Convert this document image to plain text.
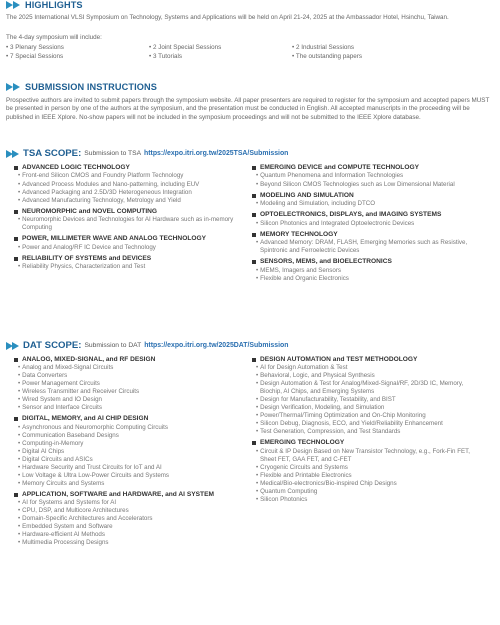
HIGHLIGHTS
The 2025 International VLSI Symposium on Technology, Systems and Applications will be held on April 21-24, 2025 at the Ambassador Hotel, Hsinchu, Taiwan.
The 4-day symposium will include:
• 3 Plenary Sessions	• 2 Joint Special Sessions	• 2 Industrial Sessions
• 7 Special Sessions	• 3 Tutorials	• The outstanding papers
SUBMISSION INSTRUCTIONS
Prospective authors are invited to submit papers through the symposium website. All paper presenters are required to register for the symposium and accepted papers MUST be presented in person by one of the authors at the symposium, and the presentation must be conducted in English. All accepted manuscripts in the proceeding will be published in IEEE Xplore. No-show papers will not be included in the symposium proceedings and will not be submitted to the IEEE Xplore database.
TSA SCOPE: Submission to TSA https://expo.itri.org.tw/2025TSA/Submission
ADVANCED LOGIC TECHNOLOGY
• Front-end Silicon CMOS and Foundry Platform Technology
• Advanced Process Modules and Nano-patterning, including EUV
• Advanced Packaging and 2.5D/3D Heterogeneous Integration
• Advanced Manufacturing Technology, Metrology and Yield
NEUROMORPHIC and NOVEL COMPUTING
• Neuromorphic Devices and Technologies for AI Hardware such as in-memory Computing
POWER, MILLIMETER WAVE AND ANALOG TECHNOLOGY
• Power and Analog/RF IC Device and Technology
RELIABILITY OF SYSTEMS and DEVICES
• Reliability Physics, Characterization and Test
EMERGING DEVICE and COMPUTE TECHNOLOGY
• Quantum Phenomena and Information Technologies
• Beyond Silicon CMOS Technologies such as Low Dimensional Material
MODELING AND SIMULATION
• Modeling and Simulation, including DTCO
OPTOELECTRONICS, DISPLAYS, and IMAGING SYSTEMS
• Silicon Photonics and Integrated Optoelectronic Devices
MEMORY TECHNOLOGY
• Advanced Memory: DRAM, FLASH, Emerging Memories such as Resistive, Spintronic and Ferroelectric Devices
SENSORS, MEMS, and BIOELECTRONICS
• MEMS, Imagers and Sensors
• Flexible and Organic Electronics
DAT SCOPE: Submission to DAT https://expo.itri.org.tw/2025DAT/Submission
ANALOG, MIXED-SIGNAL, and RF DESIGN
• Analog and Mixed-Signal Circuits
• Data Converters
• Power Management Circuits
• Wireless Transmitter and Receiver Circuits
• Wired System and IO Design
• Sensor and Interface Circuits
DIGITAL, MEMORY, and AI CHIP DESIGN
• Asynchronous and Neuromorphic Computing Circuits
• Communication Baseband Designs
• Computing-in-Memory
• Digital AI Chips
• Digital Circuits and ASICs
• Hardware Security and Trust Circuits for IoT and AI
• Low Voltage & Ultra Low-Power Circuits and Systems
• Memory Circuits and Systems
APPLICATION, SOFTWARE and HARDWARE, and AI SYSTEM
• AI for Systems and Systems for AI
• CPU, DSP, and Multicore Architectures
• Domain-Specific Architectures and Accelerators
• Embedded System and Software
• Hardware-efficient AI Methods
• Multimedia Processing Designs
DESIGN AUTOMATION and TEST METHODOLOGY
• AI for Design Automation & Test
• Behavioral, Logic, and Physical Synthesis
• Design Automation & Test for Analog/Mixed-Signal/RF, 2D/3D IC, Memory, Biochip, AI Chips, and Emerging Systems
• Design for Manufacturability, Testability, and BIST
• Design Verification, Modeling, and Simulation
• Power/Thermal/Timing Optimization and On-Chip Monitoring
• Silicon Debug, Diagnosis, ECO, and Yield/Reliability Enhancement
• Test Generation, Compression, and Test Standards
EMERGING TECHNOLOGY
• Circuit & IP Design Based on New Transistor Technology, e.g., Fork-Fin FET, Sheet FET, GAA FET, and C-FET
• Cryogenic Circuits and Systems
• Flexible and Printable Electronics
• Medical/Bio-electronics/Bio-inspired Chip Designs
• Quantum Computing
• Silicon Photonics
